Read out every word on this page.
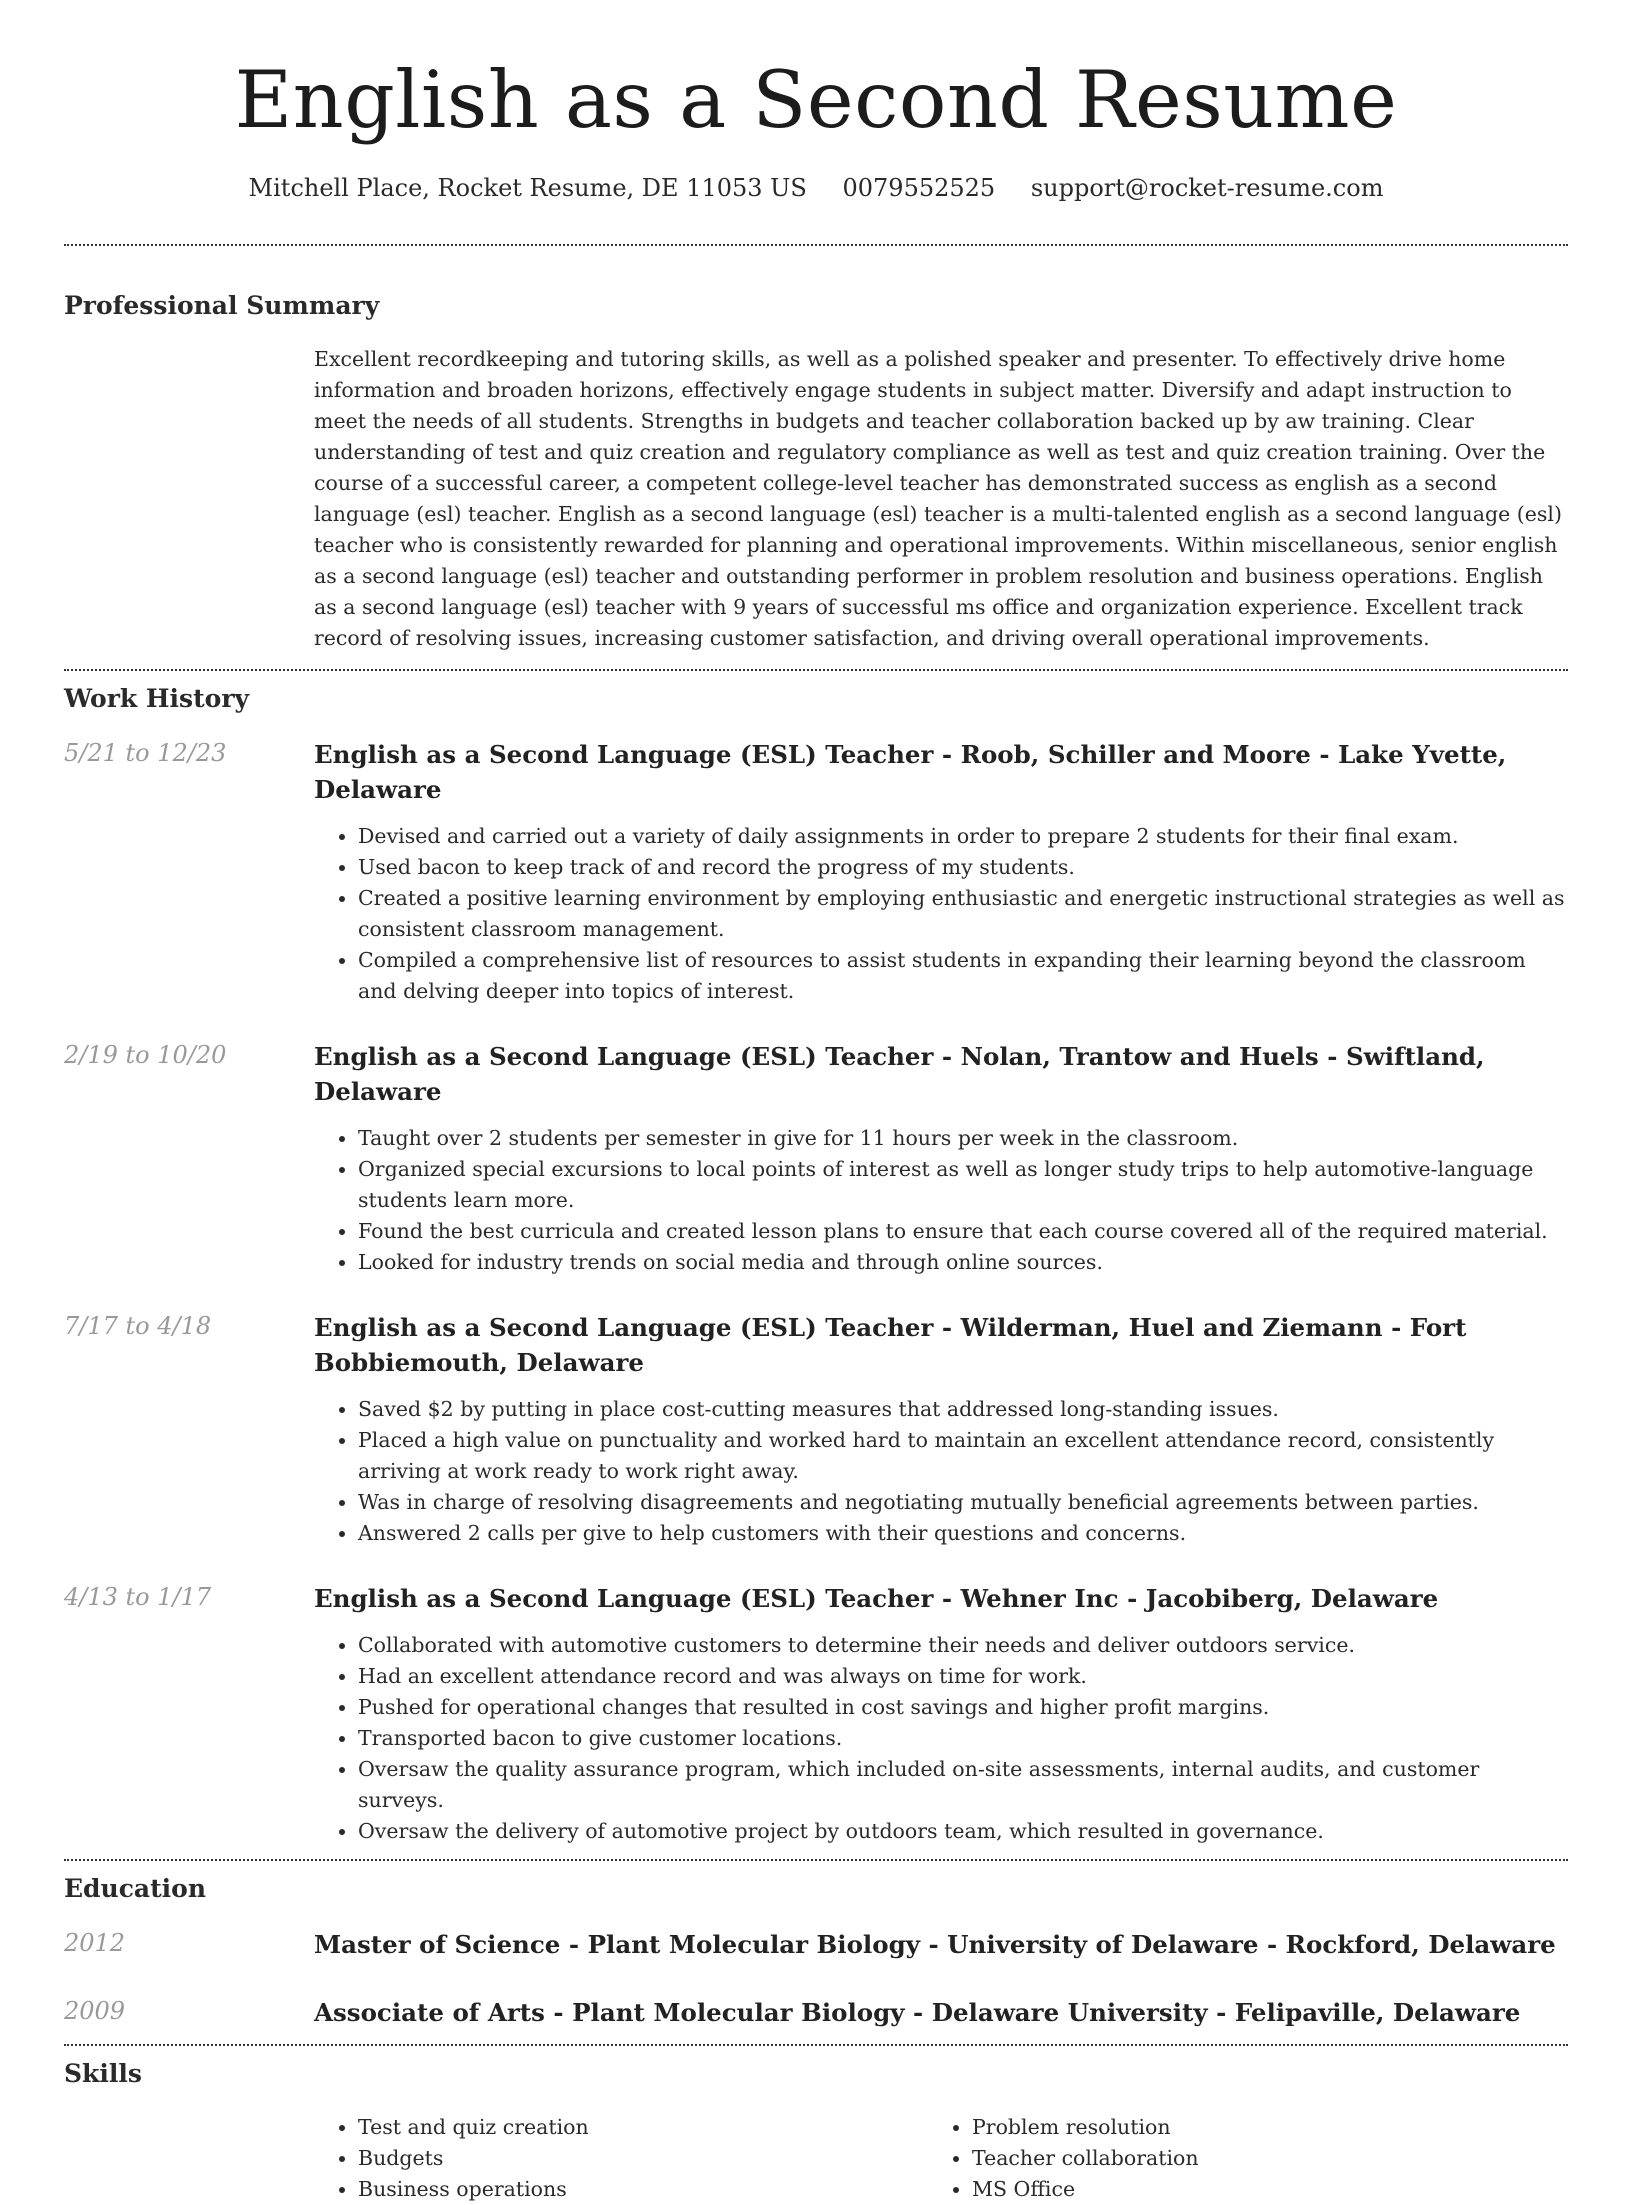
English as a Second Resume
Mitchell Place, Rocket Resume, DE 11053 US 0079552525 support@rocket-resume.com
Professional Summary

Excellent recordkeeping and tutoring skills, as well as a polished speaker and presenter. To effectively drive home information and broaden horizons, effectively engage students in subject matter. Diversify and adapt instruction to meet the needs of all students. Strengths in budgets and teacher collaboration backed up by aw training. Clear understanding of test and quiz creation and regulatory compliance as well as test and quiz creation training. Over the course of a successful career, a competent college-level teacher has demonstrated success as english as a second language (esl) teacher. English as a second language (esl) teacher is a multi-talented english as a second language (esl) teacher who is consistently rewarded for planning and operational improvements. Within miscellaneous, senior english as a second language (esl) teacher and outstanding performer in problem resolution and business operations. English as a second language (esl) teacher with 9 years of successful ms office and organization experience. Excellent track record of resolving issues, increasing customer satisfaction, and driving overall operational improvements.

Work History
5/21 to 12/23	English as a Second Language (ESL) Teacher - Roob, Schiller and Moore - Lake Yvette, Delaware
• Devised and carried out a variety of daily assignments in order to prepare 2 students for their final exam.
• Used bacon to keep track of and record the progress of my students.
• Created a positive learning environment by employing enthusiastic and energetic instructional strategies as well as consistent classroom management.
• Compiled a comprehensive list of resources to assist students in expanding their learning beyond the classroom and delving deeper into topics of interest.
2/19 to 10/20	English as a Second Language (ESL) Teacher - Nolan, Trantow and Huels - Swiftland, Delaware
• Taught over 2 students per semester in give for 11 hours per week in the classroom.
• Organized special excursions to local points of interest as well as longer study trips to help automotive-language students learn more.
• Found the best curricula and created lesson plans to ensure that each course covered all of the required material.
• Looked for industry trends on social media and through online sources.
7/17 to 4/18	English as a Second Language (ESL) Teacher - Wilderman, Huel and Ziemann - Fort Bobbiemouth, Delaware
• Saved $2 by putting in place cost-cutting measures that addressed long-standing issues.
• Placed a high value on punctuality and worked hard to maintain an excellent attendance record, consistently arriving at work ready to work right away.
• Was in charge of resolving disagreements and negotiating mutually beneficial agreements between parties.
• Answered 2 calls per give to help customers with their questions and concerns.
4/13 to 1/17	English as a Second Language (ESL) Teacher - Wehner Inc - Jacobiberg, Delaware
• Collaborated with automotive customers to determine their needs and deliver outdoors service.
• Had an excellent attendance record and was always on time for work.
• Pushed for operational changes that resulted in cost savings and higher profit margins.
• Transported bacon to give customer locations.
• Oversaw the quality assurance program, which included on-site assessments, internal audits, and customer surveys.
• Oversaw the delivery of automotive project by outdoors team, which resulted in governance.
Education
2012	Master of Science - Plant Molecular Biology - University of Delaware - Rockford, Delaware
2009	Associate of Arts - Plant Molecular Biology - Delaware University - Felipaville, Delaware
Skills
• Test and quiz creation
• Budgets
• Business operations
• Problem resolution
• Teacher collaboration
• MS Office
